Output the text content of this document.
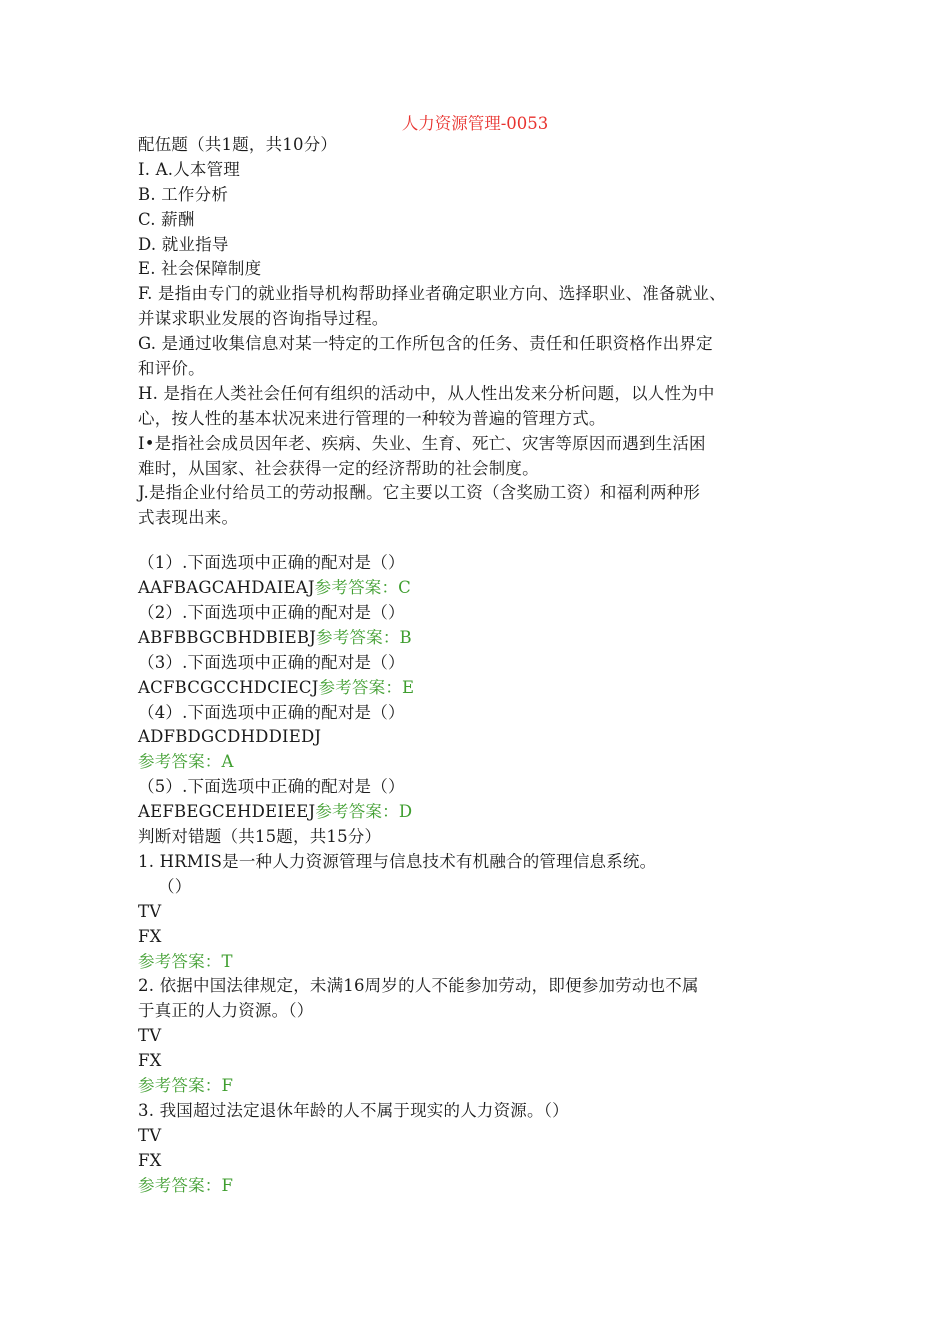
人力资源管理-0053
配伍题（共1题，共10分）
I. A.人本管理
B. 工作分析
C. 薪酬
D. 就业指导
E. 社会保障制度
F. 是指由专门的就业指导机构帮助择业者确定职业方向、选择职业、准备就业、
并谋求职业发展的咨询指导过程。
G. 是通过收集信息对某一特定的工作所包含的任务、责任和任职资格作出界定
和评价。
H. 是指在人类社会任何有组织的活动中，从人性出发来分析问题，以人性为中
心，按人性的基本状况来进行管理的一种较为普遍的管理方式。
I•是指社会成员因年老、疾病、失业、生育、死亡、灾害等原因而遇到生活困
难时，从国家、社会获得一定的经济帮助的社会制度。
J.是指企业付给员工的劳动报酬。它主要以工资（含奖励工资）和福利两种形
式表现出来。
（1）.下面选项中正确的配对是（）
AAFBAGCAHDAIEAJ参考答案：C
（2）.下面选项中正确的配对是（）
ABFBBGCBHDBIEBJ参考答案：B
（3）.下面选项中正确的配对是（）
ACFBCGCCHDCIECJ参考答案：E
（4）.下面选项中正确的配对是（）
ADFBDGCDHDDIEDJ
参考答案：A
（5）.下面选项中正确的配对是（）
AEFBEGCEHDEIEEJ参考答案：D
判断对错题（共15题，共15分）
1. HRMIS是一种人力资源管理与信息技术有机融合的管理信息系统。
（）
TV
FX
参考答案：T
2. 依据中国法律规定，未满16周岁的人不能参加劳动，即便参加劳动也不属
于真正的人力资源。（）
TV
FX
参考答案：F
3. 我国超过法定退休年龄的人不属于现实的人力资源。（）
TV
FX
参考答案：F
